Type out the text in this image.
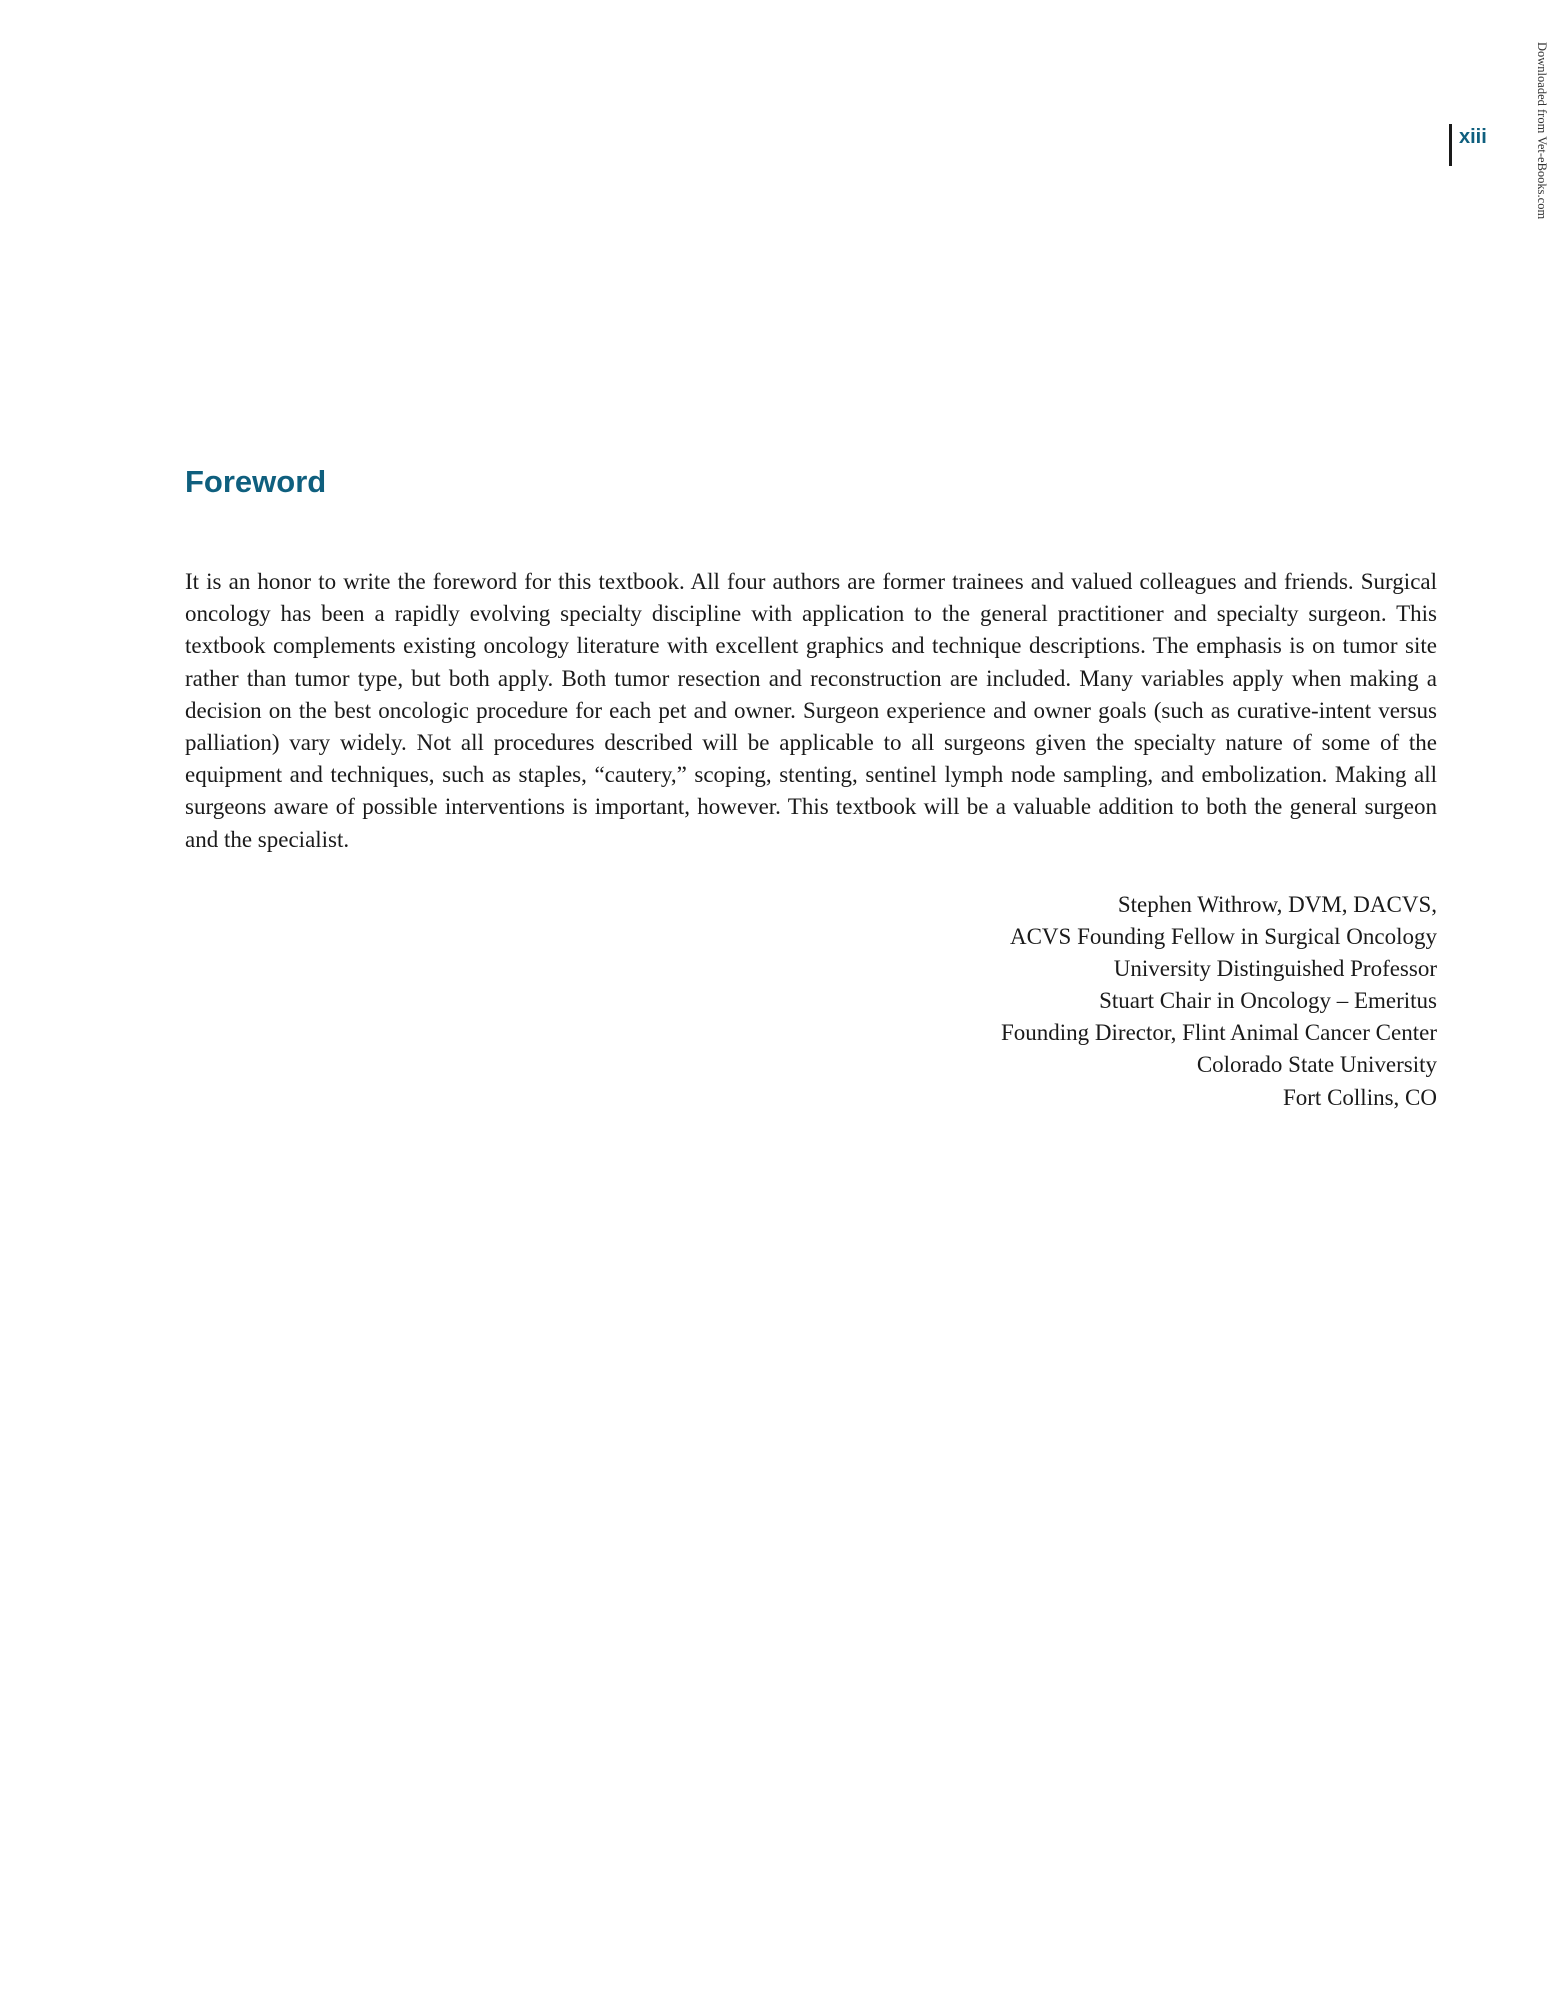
xiii	Downloaded from Vet-eBooks.com
Foreword

It is an honor to write the foreword for this textbook. All four authors are former trainees and valued colleagues and friends. Surgical oncology has been a rapidly evolving specialty discipline with application to the general practitioner and specialty surgeon. This textbook complements existing oncology literature with excellent graphics and technique descriptions. The emphasis is on tumor site rather than tumor type, but both apply. Both tumor resection and reconstruction are included. Many variables apply when making a decision on the best oncologic procedure for each pet and owner. Surgeon experience and owner goals (such as curative-intent versus palliation) vary widely. Not all procedures described will be applicable to all surgeons given the specialty nature of some of the equipment and techniques, such as staples, “cautery,” scoping, stenting, sentinel lymph node sampling, and embolization. Making all surgeons aware of possible interventions is important, however. This textbook will be a valuable addition to both the general surgeon and the specialist.

Stephen Withrow, DVM, DACVS,
ACVS Founding Fellow in Surgical Oncology
University Distinguished Professor
Stuart Chair in Oncology – Emeritus
Founding Director, Flint Animal Cancer Center
Colorado State University
Fort Collins, CO
